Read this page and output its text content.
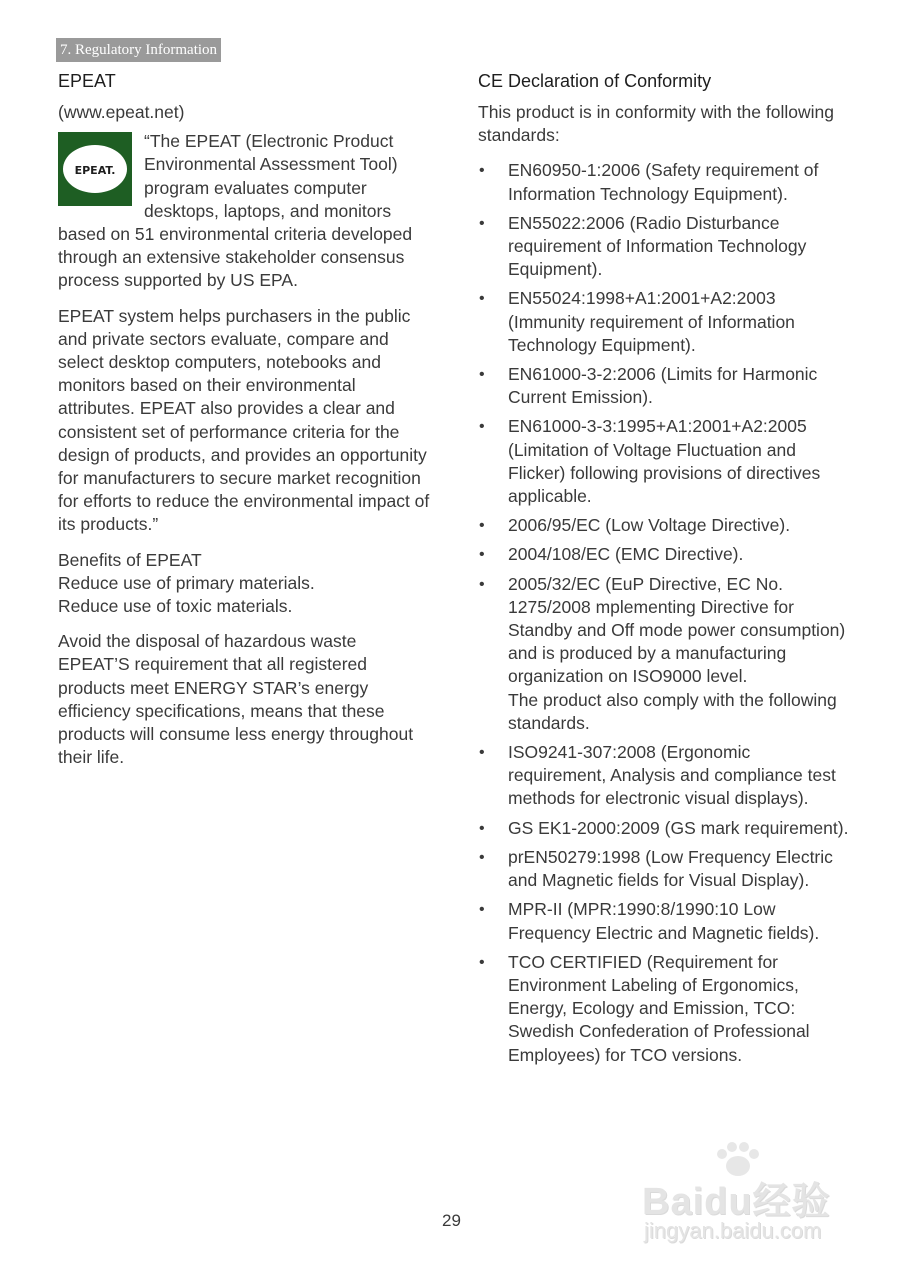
7. Regulatory Information
EPEAT

(www.epeat.net)

EPEAT.

“The EPEAT (Electronic Product Environmental Assessment Tool) program evaluates computer desktops, laptops, and monitors based on 51 environmental criteria developed through an extensive stakeholder consensus process supported by US EPA.

EPEAT system helps purchasers in the public and private sectors evaluate, compare and select desktop computers, notebooks and monitors based on their environmental attributes. EPEAT also provides a clear and consistent set of performance criteria for the design of products, and provides an opportunity for manufacturers to secure market recognition for efforts to reduce the environmental impact of its products.”

Benefits of EPEAT
Reduce use of primary materials.
Reduce use of toxic materials.

Avoid the disposal of hazardous waste EPEAT’S requirement that all registered products meet ENERGY STAR’s energy efficiency specifications, means that these products will consume less energy throughout their life.

CE Declaration of Conformity

This product is in conformity with the following standards:

• EN60950-1:2006 (Safety requirement of Information Technology Equipment).
• EN55022:2006 (Radio Disturbance requirement of Information Technology Equipment).
• EN55024:1998+A1:2001+A2:2003 (Immunity requirement of Information Technology Equipment).
• EN61000-3-2:2006 (Limits for Harmonic Current Emission).
• EN61000-3-3:1995+A1:2001+A2:2005 (Limitation of Voltage Fluctuation and Flicker) following provisions of directives applicable.
• 2006/95/EC (Low Voltage Directive).
• 2004/108/EC (EMC Directive).
• 2005/32/EC (EuP Directive, EC No. 1275/2008 mplementing Directive for Standby and Off mode power consumption) and is produced by a manufacturing organization on ISO9000 level.
The product also comply with the following standards.
• ISO9241-307:2008 (Ergonomic requirement, Analysis and compliance test methods for electronic visual displays).
• GS EK1-2000:2009 (GS mark requirement).
• prEN50279:1998 (Low Frequency Electric and Magnetic fields for Visual Display).
• MPR-II (MPR:1990:8/1990:10 Low Frequency Electric and Magnetic fields).
• TCO CERTIFIED (Requirement for Environment Labeling of Ergonomics, Energy, Ecology and Emission, TCO: Swedish Confederation of Professional Employees) for TCO versions.
29	Baidu经验
jingyan.baidu.com
